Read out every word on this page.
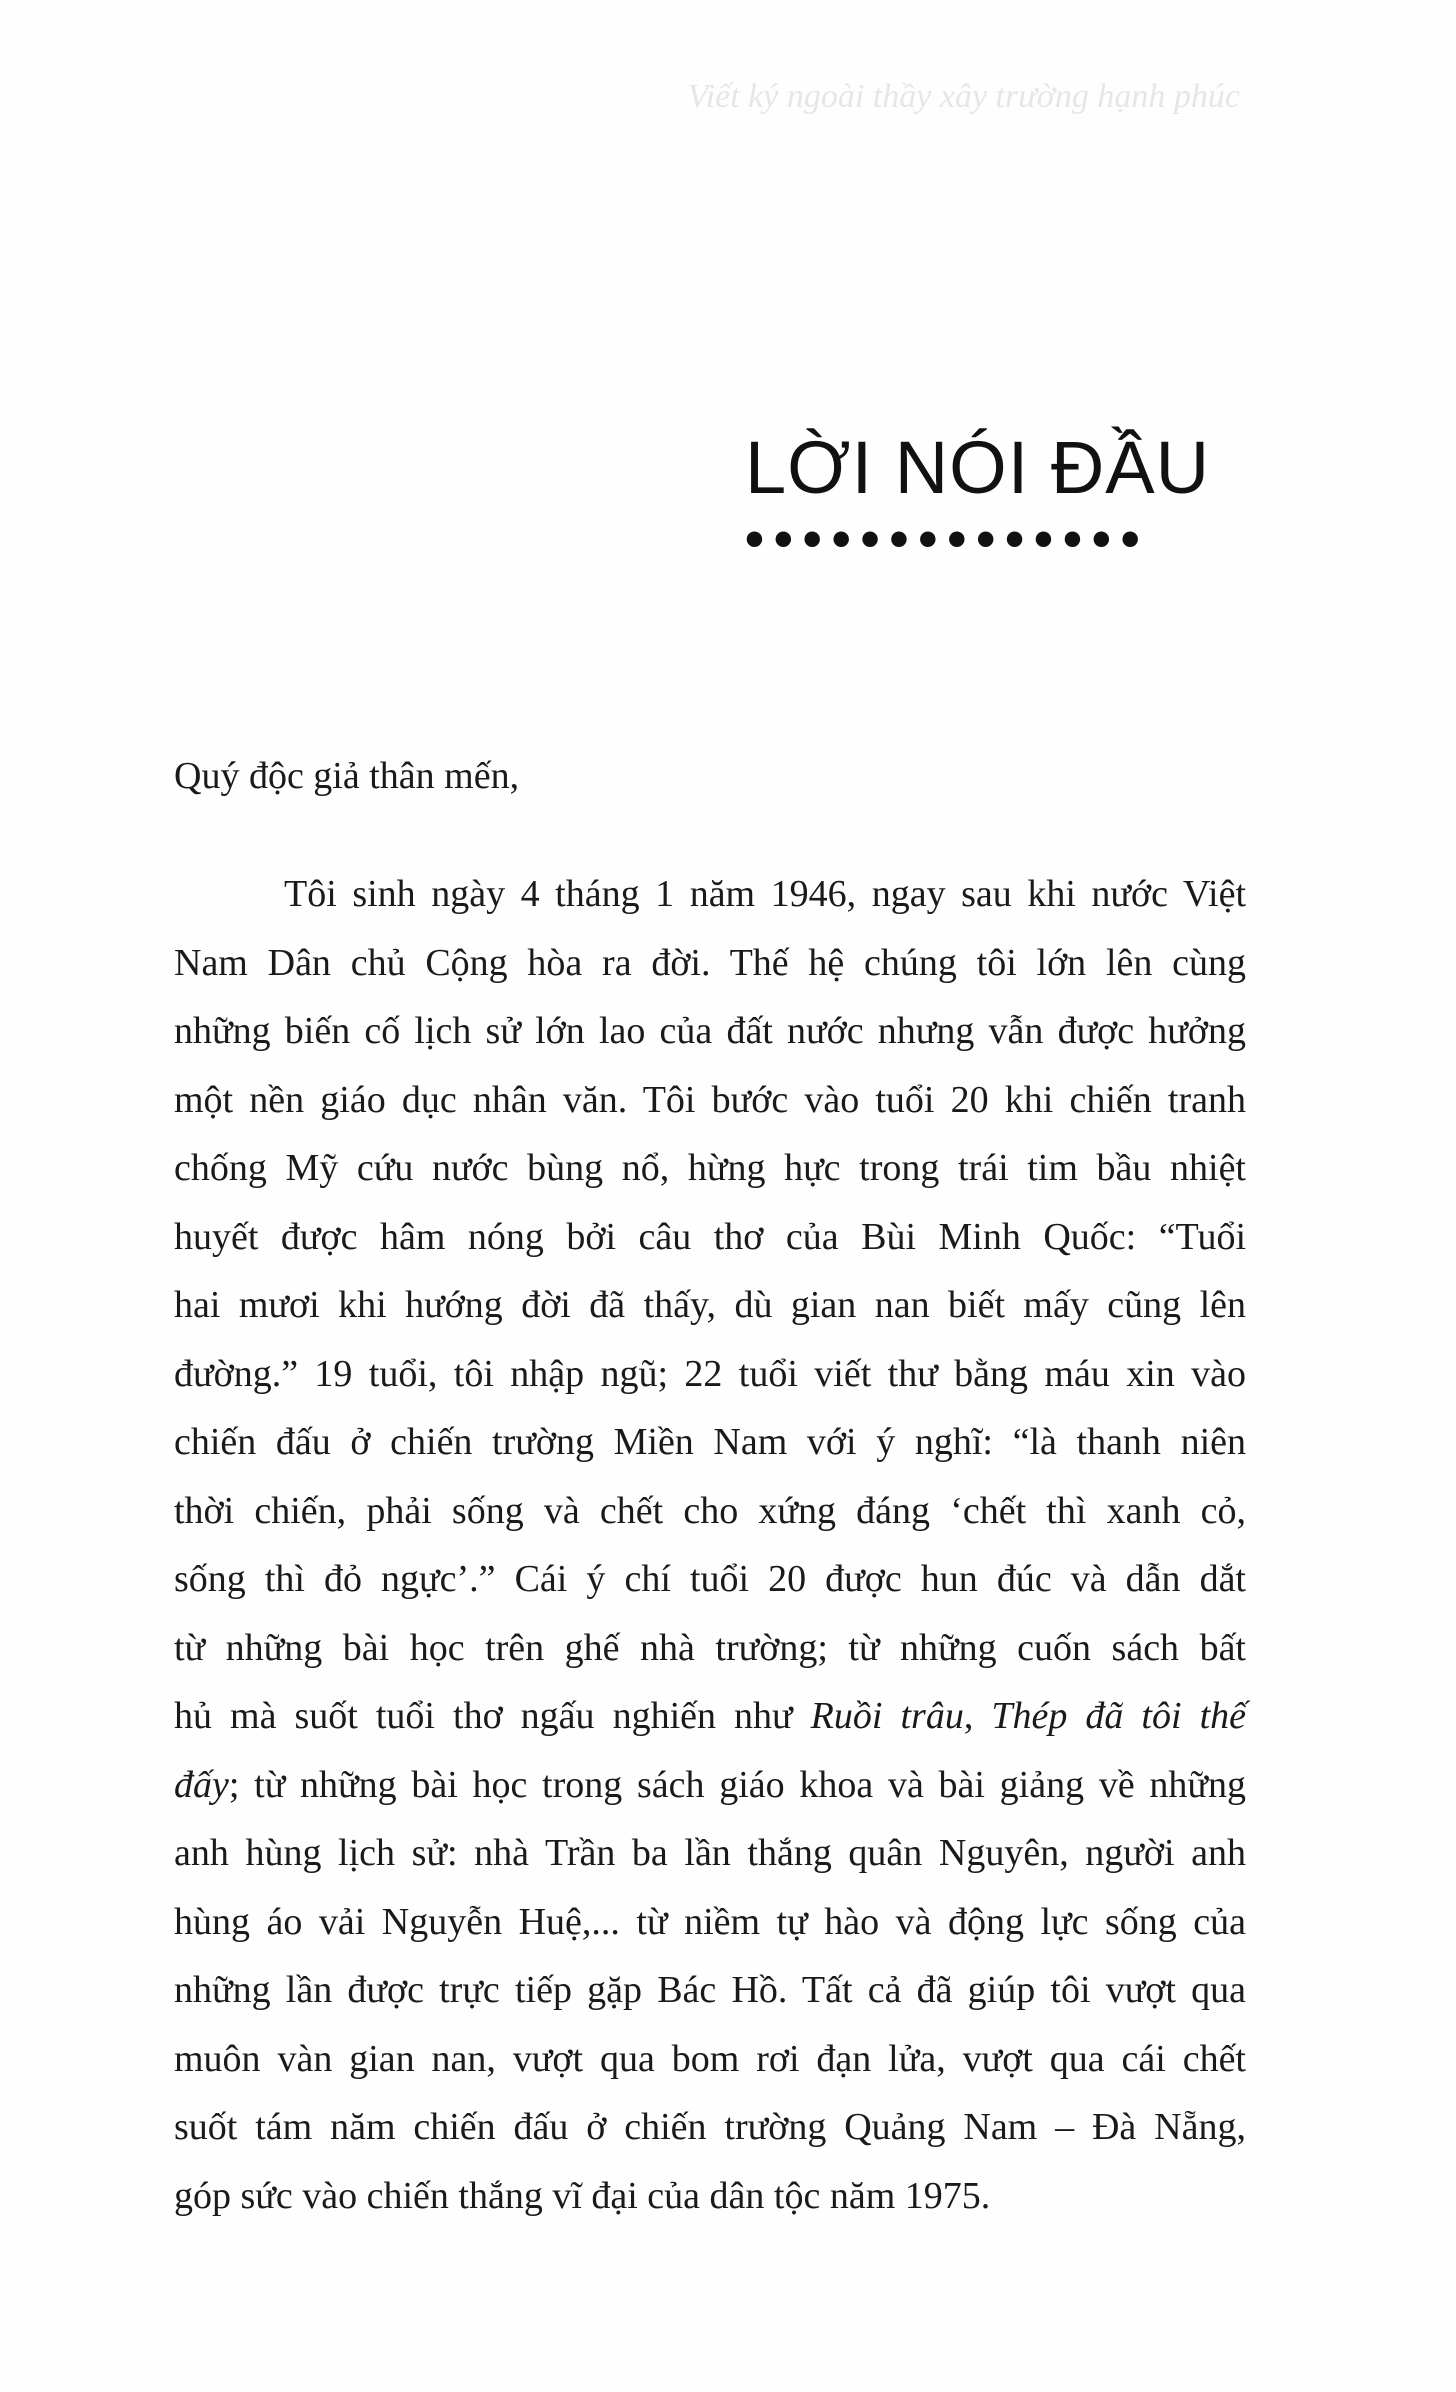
Viết ký ngoài thầy xây trường hạnh phúc
LỜI NÓI ĐẦU
••••••••••••••
Quý độc giả thân mến,
Tôi sinh ngày 4 tháng 1 năm 1946, ngay sau khi nước Việt
Nam Dân chủ Cộng hòa ra đời. Thế hệ chúng tôi lớn lên cùng
những biến cố lịch sử lớn lao của đất nước nhưng vẫn được hưởng
một nền giáo dục nhân văn. Tôi bước vào tuổi 20 khi chiến tranh
chống Mỹ cứu nước bùng nổ, hừng hực trong trái tim bầu nhiệt
huyết được hâm nóng bởi câu thơ của Bùi Minh Quốc: “Tuổi
hai mươi khi hướng đời đã thấy, dù gian nan biết mấy cũng lên
đường.” 19 tuổi, tôi nhập ngũ; 22 tuổi viết thư bằng máu xin vào
chiến đấu ở chiến trường Miền Nam với ý nghĩ: “là thanh niên
thời chiến, phải sống và chết cho xứng đáng ‘chết thì xanh cỏ,
sống thì đỏ ngực’.” Cái ý chí tuổi 20 được hun đúc và dẫn dắt
từ những bài học trên ghế nhà trường; từ những cuốn sách bất
hủ mà suốt tuổi thơ ngấu nghiến như Ruồi trâu, Thép đã tôi thế
đấy; từ những bài học trong sách giáo khoa và bài giảng về những
anh hùng lịch sử: nhà Trần ba lần thắng quân Nguyên, người anh
hùng áo vải Nguyễn Huệ,... từ niềm tự hào và động lực sống của
những lần được trực tiếp gặp Bác Hồ. Tất cả đã giúp tôi vượt qua
muôn vàn gian nan, vượt qua bom rơi đạn lửa, vượt qua cái chết
suốt tám năm chiến đấu ở chiến trường Quảng Nam – Đà Nẵng,
góp sức vào chiến thắng vĩ đại của dân tộc năm 1975.
